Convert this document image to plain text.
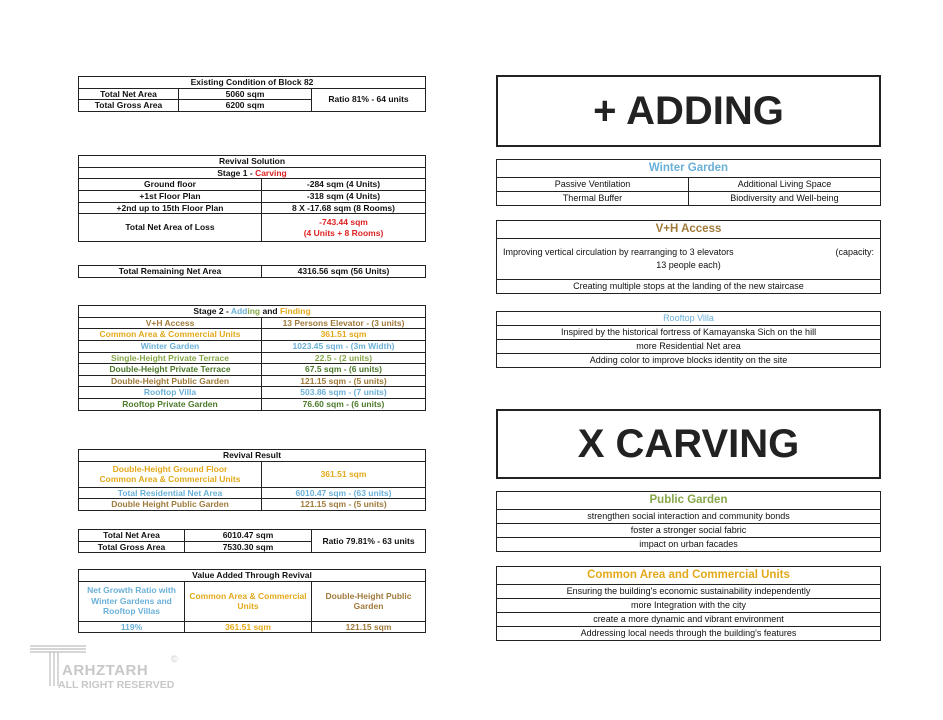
Existing Condition of Block 82		
Total Net Area	5060 sqm	Ratio 81% - 64 units
Total Gross Area	6200 sqm	
Revival Solution	
Stage 1 - Carving	
Ground floor	-284 sqm (4 Units)
+1st Floor Plan	-318 sqm (4 Units)
+2nd up to 15th Floor Plan	8 X -17.68 sqm (8 Rooms)
Total Net Area of Loss	-743.44 sqm
(4 Units + 8 Rooms)
Total Remaining Net Area	4316.56 sqm (56 Units)
Stage 2 - Adding and Finding	
V+H Access	13 Persons Elevator - (3 units)
Common Area & Commercial Units	361.51 sqm
Winter Garden	1023.45 sqm - (3m Width)
Single-Height Private Terrace	22.5 - (2 units)
Double-Height Private Terrace	67.5 sqm - (6 units)
Double-Height Public Garden	121.15 sqm - (5 units)
Rooftop Villa	503.86 sqm - (7 units)
Rooftop Private Garden	76.60 sqm - (6 units)
Revival Result	
Double-Height Ground Floor
Common Area & Commercial Units	361.51 sqm
Total Residential Net Area	6010.47 sqm - (63 units)
Double Height Public Garden	121.15 sqm - (5 units)
Total Net Area	6010.47 sqm	Ratio 79.81% - 63 units
Total Gross Area	7530.30 sqm	
Value Added Through Revival		
Net Growth Ratio with Winter Gardens and Rooftop Villas	Common Area & Commercial Units	Double-Height Public Garden
119%	361.51 sqm	121.15 sqm
ARHZTARH
©
ALL RIGHT RESERVED
+ ADDING
Winter Garden	
Passive Ventilation	Additional Living Space
Thermal Buffer	Biodiversity and Well-being
V+H Access

Improving vertical circulation by rearranging to 3 elevators	(capacity:
13 people each)

Creating multiple stops at the landing of the new staircase
Rooftop Villa
Inspired by the historical fortress of Kamayanska Sich on the hill
more Residential Net area
Adding color to improve blocks identity on the site
X CARVING
Public Garden
strengthen social interaction and community bonds
foster a stronger social fabric
impact on urban facades
Common Area and Commercial Units
Ensuring the building's economic sustainability independently
more Integration with the city
create a more dynamic and vibrant environment
Addressing local needs through the building's features
